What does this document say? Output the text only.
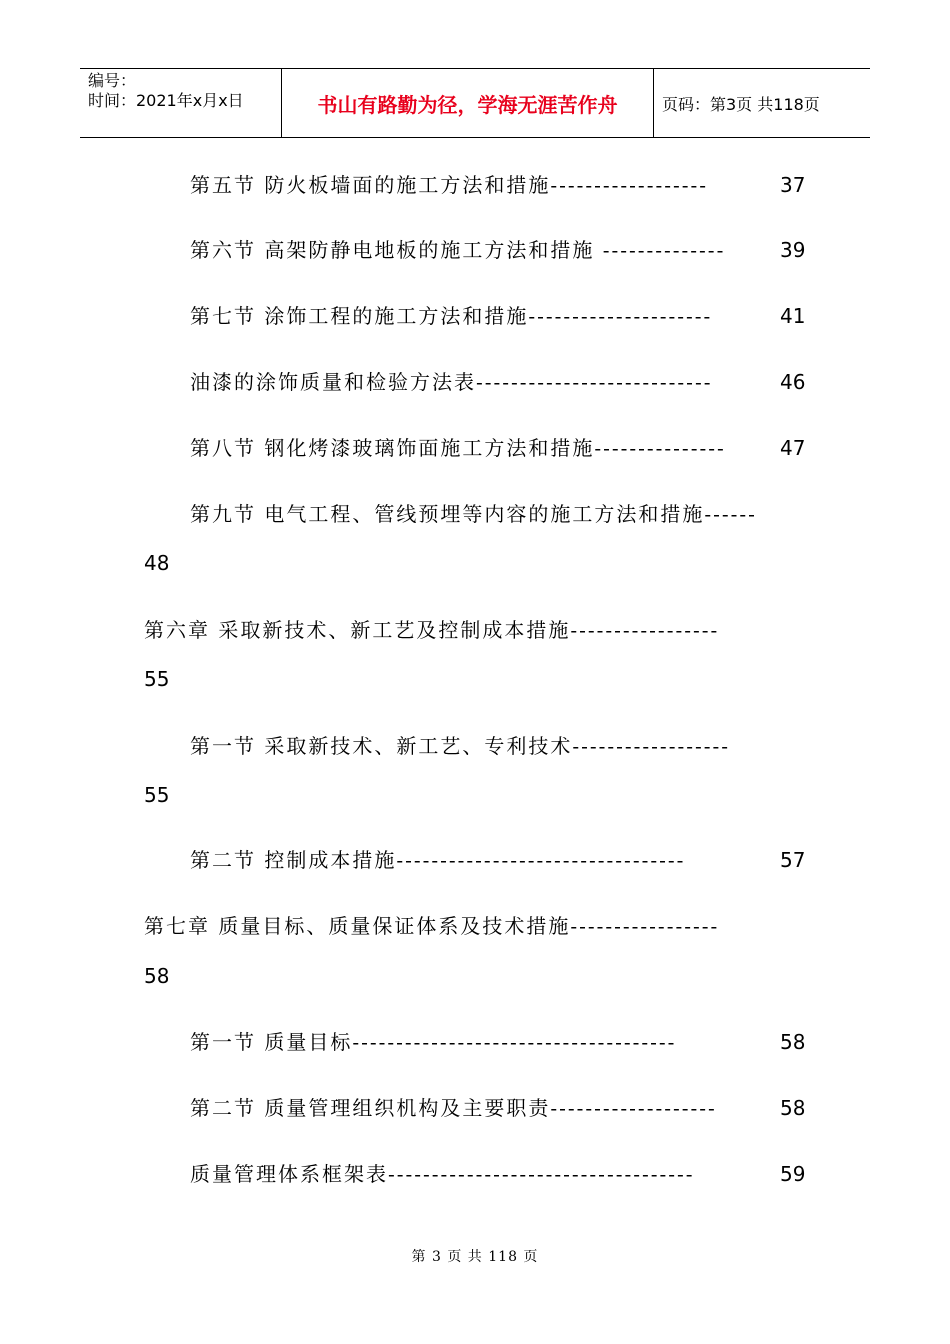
编号：
时间：2021年x月x日	书山有路勤为径，学海无涯苦作舟	页码：第3页 共118页
第五节 防火板墙面的施工方法和措施------------------	37
第六节 高架防静电地板的施工方法和措施 --------------	39
第七节 涂饰工程的施工方法和措施---------------------	41
油漆的涂饰质量和检验方法表---------------------------	46
第八节 钢化烤漆玻璃饰面施工方法和措施---------------	47
第九节 电气工程、管线预埋等内容的施工方法和措施------
48
第六章 采取新技术、新工艺及控制成本措施-----------------
55
第一节 采取新技术、新工艺、专利技术------------------
55
第二节 控制成本措施---------------------------------	57
第七章 质量目标、质量保证体系及技术措施-----------------
58
第一节 质量目标-------------------------------------	58
第二节 质量管理组织机构及主要职责-------------------	58
质量管理体系框架表-----------------------------------	59
第 3 页 共 118 页
